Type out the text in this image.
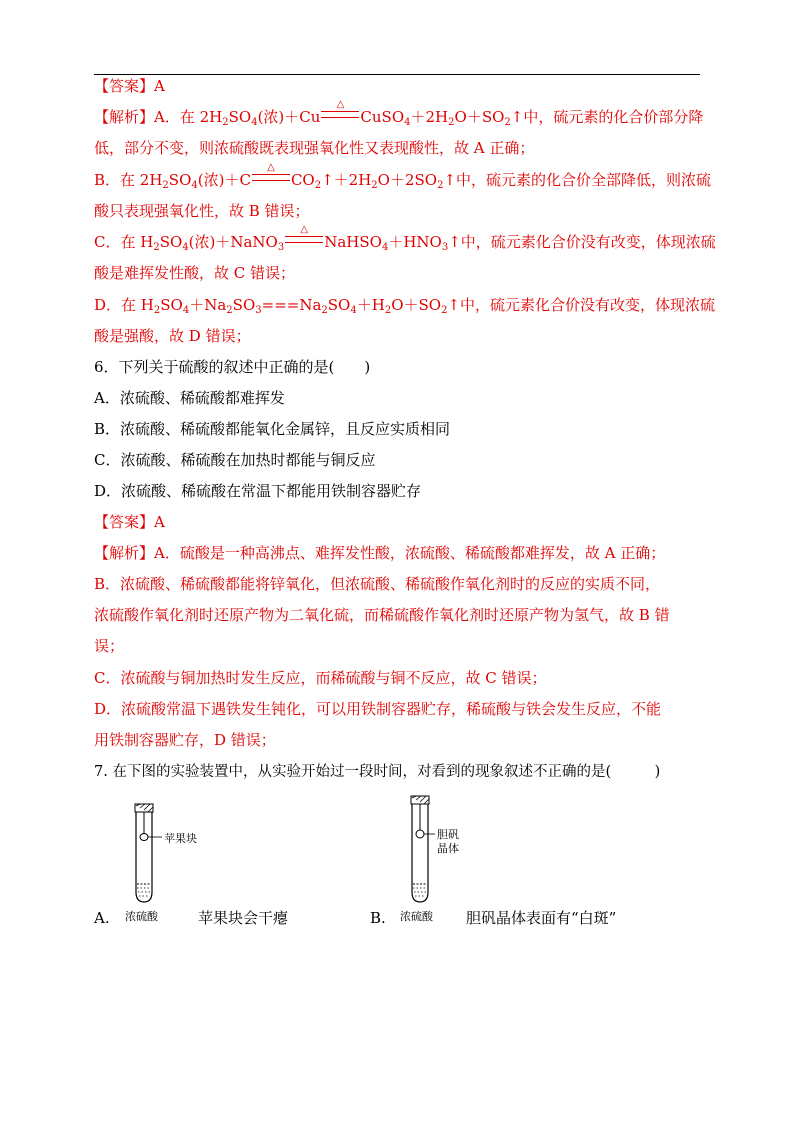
【答案】A
【解析】A．在 $2H_2SO_4$(浓)＋Cu
△
$CuSO_4+2H_2O+SO_2↑$中，硫元素的化合价部分降
低，部分不变，则浓硫酸既表现强氧化性又表现酸性，故 A 正确；
B．在 $2H_2SO_4$(浓)＋C
△
$CO_2↑+2H_2O+2SO_2↑$中，硫元素的化合价全部降低，则浓硫
酸只表现强氧化性，故 B 错误；
C．在 $H_2SO_4$(浓)＋NaNO$_3$
△
$NaHSO_4+HNO_3↑$中，硫元素化合价没有改变，体现浓硫
酸是难挥发性酸，故 C 错误；
D．在 $H_2SO_4+Na_2SO_3===Na_2SO_4+H_2O+SO_2↑$中，硫元素化合价没有改变，体现浓硫
酸是强酸，故 D 错误；
6．下列关于硫酸的叙述中正确的是(　　)
A．浓硫酸、稀硫酸都难挥发
B．浓硫酸、稀硫酸都能氧化金属锌，且反应实质相同
C．浓硫酸、稀硫酸在加热时都能与铜反应
D．浓硫酸、稀硫酸在常温下都能用铁制容器贮存
【答案】A
【解析】A．硫酸是一种高沸点、难挥发性酸，浓硫酸、稀硫酸都难挥发，故 A 正确；
B．浓硫酸、稀硫酸都能将锌氧化，但浓硫酸、稀硫酸作氧化剂时的反应的实质不同，
浓硫酸作氧化剂时还原产物为二氧化硫，而稀硫酸作氧化剂时还原产物为氢气，故 B 错
误；
C．浓硫酸与铜加热时发生反应，而稀硫酸与铜不反应，故 C 错误；
D．浓硫酸常温下遇铁发生钝化，可以用铁制容器贮存，稀硫酸与铁会发生反应，不能
用铁制容器贮存，D 错误；
7. 在下图的实验装置中，从实验开始过一段时间，对看到的现象叙述不正确的是(　　　)
苹果块
浓硫酸
胆矾
晶体
浓硫酸
A.	苹果块会干瘪	B.	胆矾晶体表面有“白斑”
